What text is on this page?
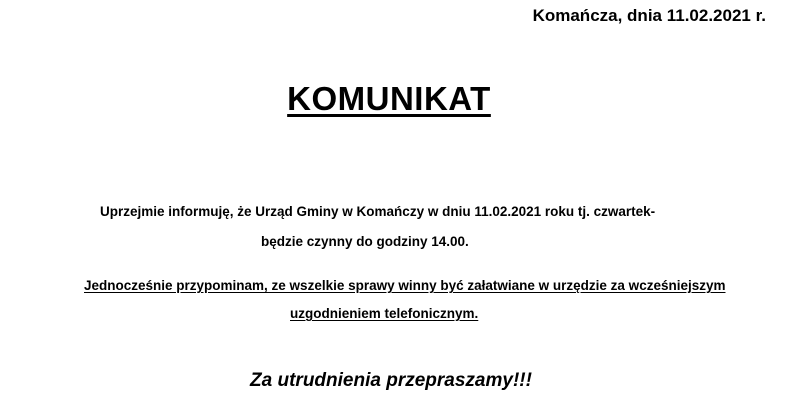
Komańcza, dnia 11.02.2021 r.
KOMUNIKAT
Uprzejmie informuję, że Urząd Gminy w Komańczy w dniu 11.02.2021 roku tj. czwartek-
będzie czynny do godziny 14.00.
Jednocześnie przypominam, ze wszelkie sprawy winny być załatwiane w urzędzie za wcześniejszym
uzgodnieniem telefonicznym.
Za utrudnienia przepraszamy!!!
